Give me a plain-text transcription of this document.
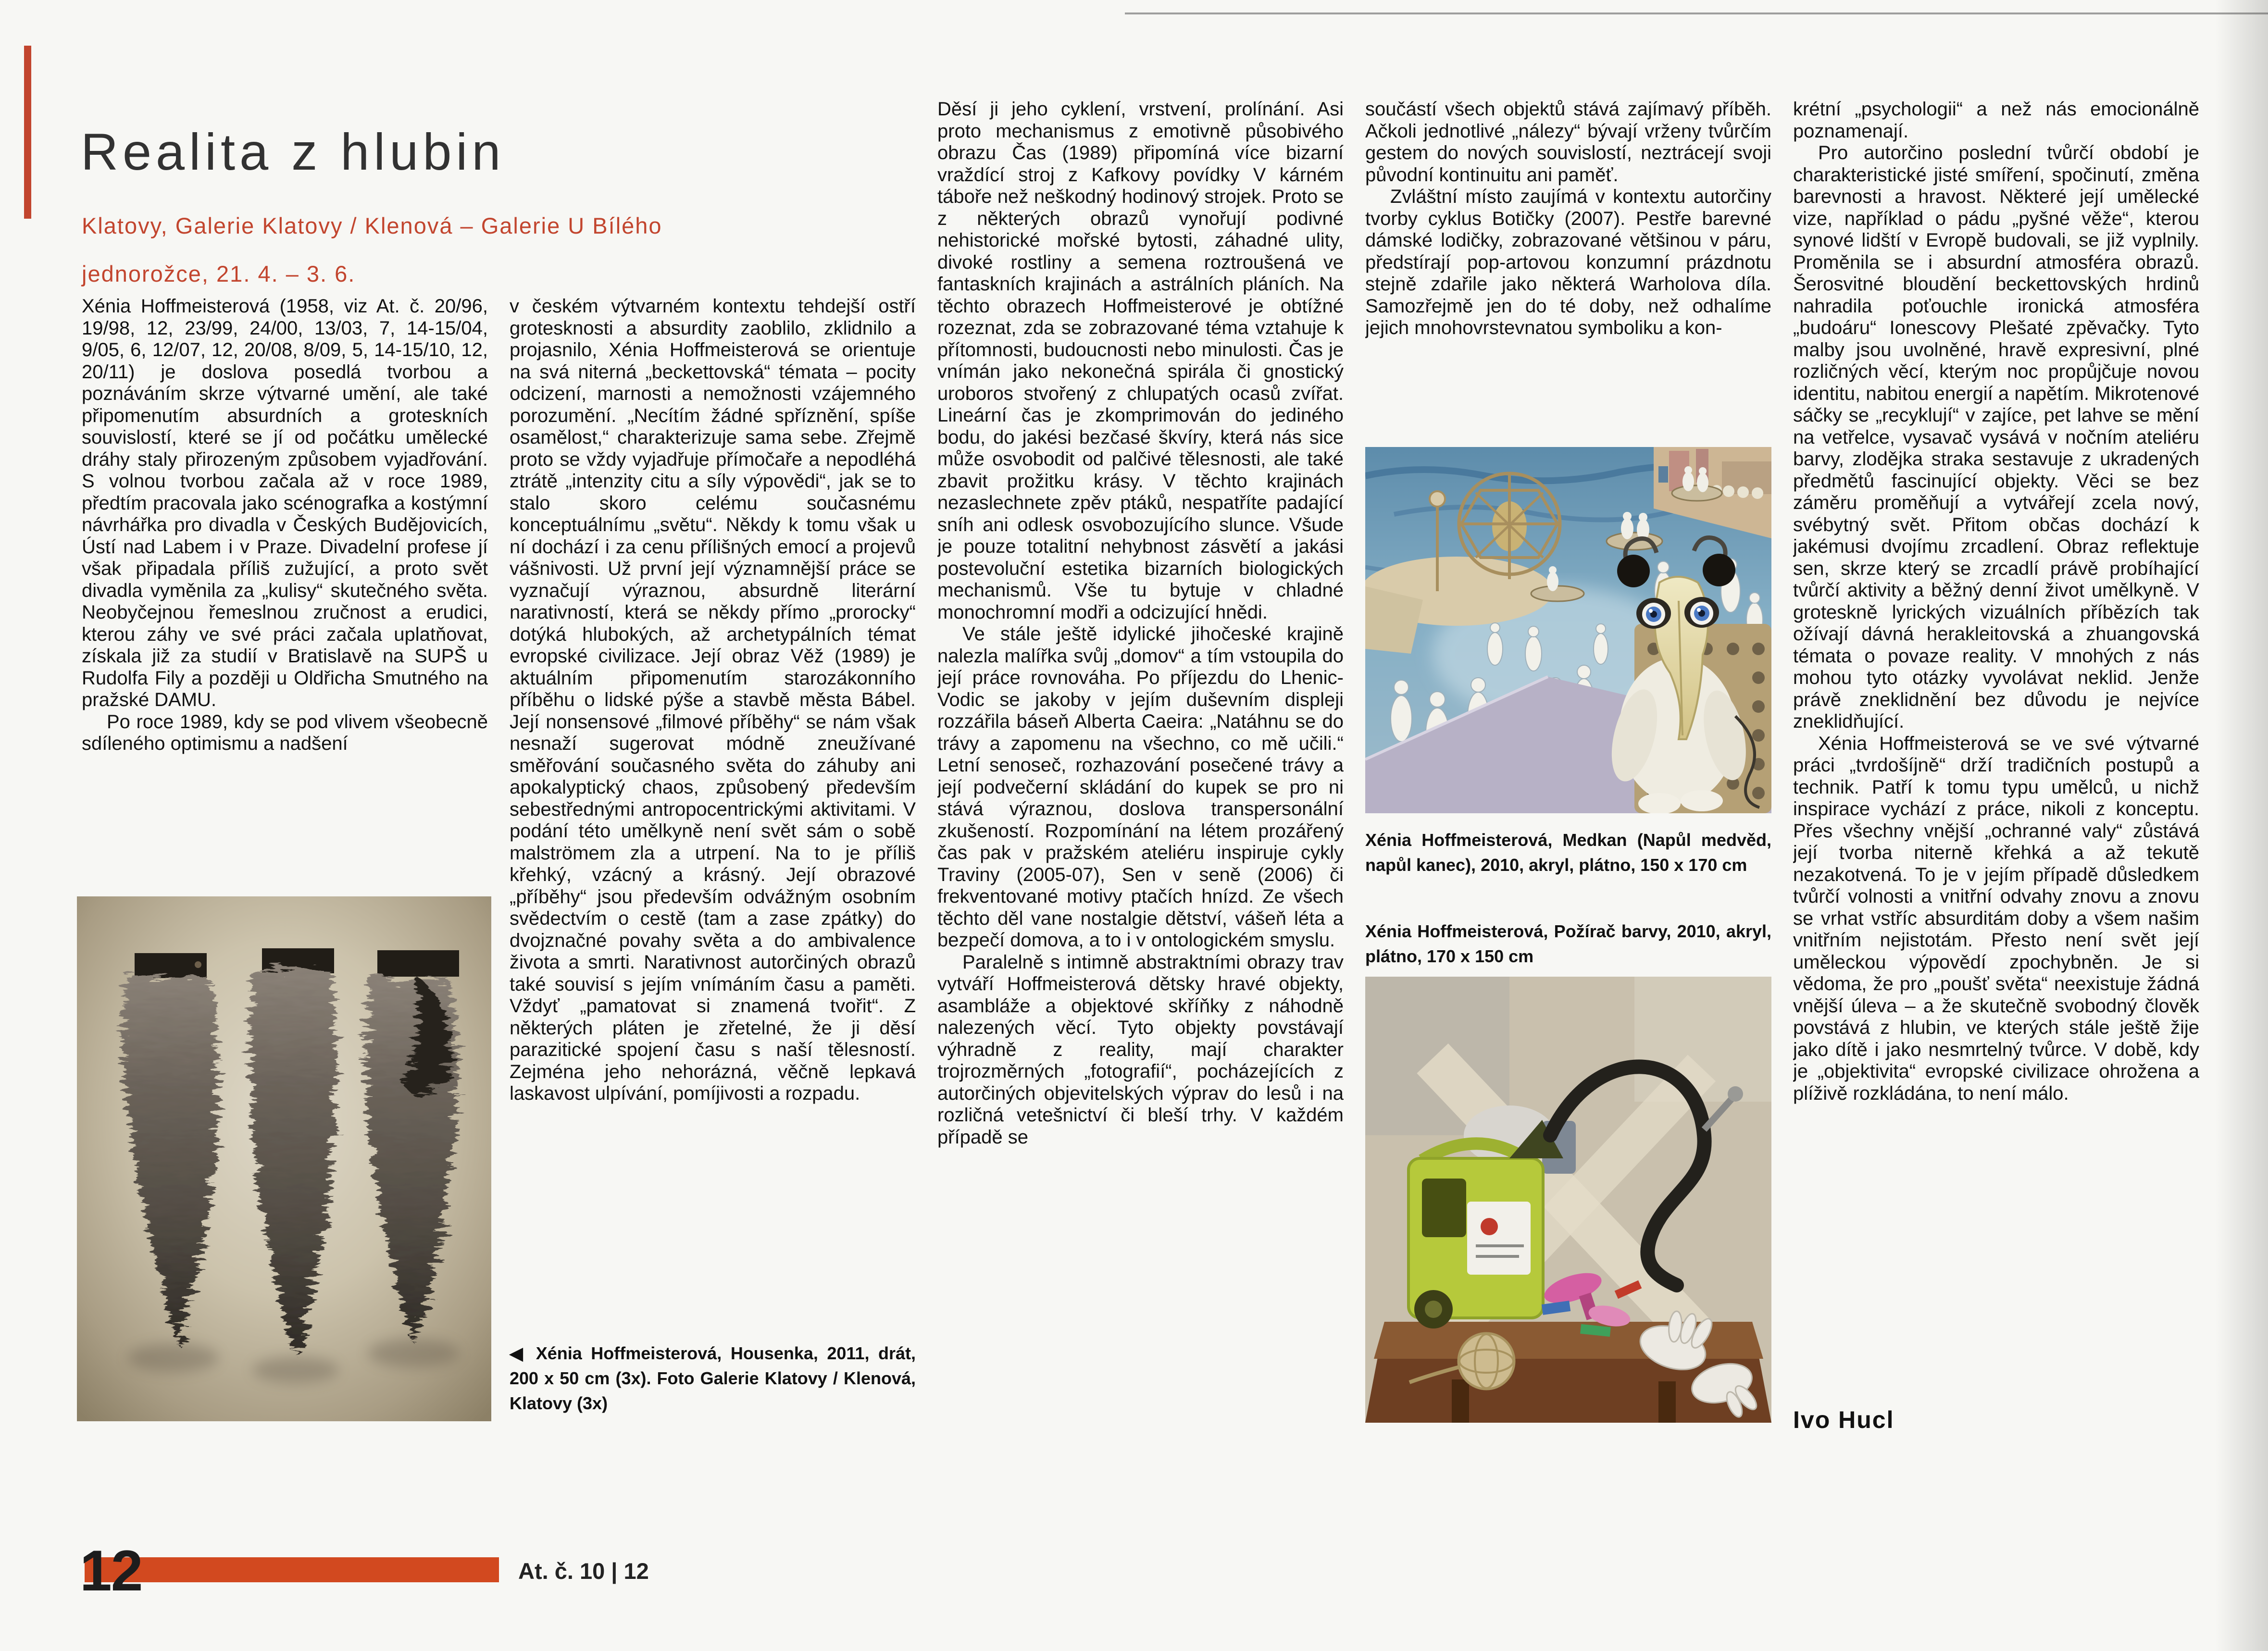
Realita z hlubin
Klatovy, Galerie Klatovy / Klenová – Galerie U Bílého
jednorožce, 21. 4. – 3. 6.

Xénia Hoffmeisterová (1958, viz At. č. 20/96, 19/98, 12, 23/99, 24/00, 13/03, 7, 14-15/04, 9/05, 6, 12/07, 12, 20/08, 8/09, 5, 14-15/10, 12, 20/11) je doslova posedlá tvorbou a poznáváním skrze výtvarné umění, ale také připomenutím absurdních a groteskních souvislostí, které se jí od počátku umělecké dráhy staly přirozeným způsobem vyjadřování. S volnou tvorbou začala až v roce 1989, předtím pracovala jako scénografka a kostýmní návrhářka pro divadla v Českých Budějovicích, Ústí nad Labem i v Praze. Divadelní profese jí však připadala příliš zužující, a proto svět divadla vyměnila za „kulisy“ skutečného světa. Neobyčejnou řemeslnou zručnost a erudici, kterou záhy ve své práci začala uplatňovat, získala již za studií v Bratislavě na SUPŠ u Rudolfa Fily a později u Oldřicha Smutného na pražské DAMU.

Po roce 1989, kdy se pod vlivem všeobecně sdíleného optimismu a nadšení

v českém výtvarném kontextu tehdejší ostří grotesknosti a absurdity zaoblilo, zklidnilo a projasnilo, Xénia Hoffmeisterová se orientuje na svá niterná „beckettovská“ témata – pocity odcizení, marnosti a nemožnosti vzájemného porozumění. „Necítím žádné spříznění, spíše osamělost,“ charakterizuje sama sebe. Zřejmě proto se vždy vyjadřuje přímočaře a nepodléhá ztrátě „intenzity citu a síly výpovědi“, jak se to stalo skoro celému současnému konceptuálnímu „světu“. Někdy k tomu však u ní dochází i za cenu přílišných emocí a projevů vášnivosti. Už první její významnější práce se vyznačují výraznou, absurdně literární narativností, která se někdy přímo „prorocky“ dotýká hlubokých, až archetypálních témat evropské civilizace. Její obraz Věž (1989) je aktuálním připomenutím starozákonního příběhu o lidské pýše a stavbě města Bábel. Její nonsensové „filmové příběhy“ se nám však nesnaží sugerovat módně zneužívané směřování současného světa do záhuby ani apokalyptický chaos, způsobený především sebestřednými antropocentrickými aktivitami. V podání této umělkyně není svět sám o sobě malströmem zla a utrpení. Na to je příliš křehký, vzácný a krásný. Její obrazové „příběhy“ jsou především odvážným osobním svědectvím o cestě (tam a zase zpátky) do dvojznačné povahy světa a do ambivalence života a smrti. Narativnost autorčiných obrazů také souvisí s jejím vnímáním času a paměti. Vždyť „pamatovat si znamená tvořit“. Z některých pláten je zřetelné, že ji děsí parazitické spojení času s naší tělesností. Zejména jeho nehorázná, věčně lepkavá laskavost ulpívání, pomíjivosti a rozpadu.

◀ Xénia Hoffmeisterová, Housenka, 2011, drát, 200 x 50 cm (3x). Foto Galerie Klatovy / Klenová, Klatovy (3x)

Děsí ji jeho cyklení, vrstvení, prolínání. Asi proto mechanismus z emotivně působivého obrazu Čas (1989) připomíná více bizarní vraždící stroj z Kafkovy povídky V kárném táboře než neškodný hodinový strojek. Proto se z některých obrazů vynořují podivné nehistorické mořské bytosti, záhadné ulity, divoké rostliny a semena roztroušená ve fantaskních krajinách a astrálních pláních. Na těchto obrazech Hoffmeisterové je obtížné rozeznat, zda se zobrazované téma vztahuje k přítomnosti, budoucnosti nebo minulosti. Čas je vnímán jako nekonečná spirála či gnostický uroboros stvořený z chlupatých ocasů zvířat. Lineární čas je zkomprimován do jediného bodu, do jakési bezčasé škvíry, která nás sice může osvobodit od palčivé tělesnosti, ale také zbavit prožitku krásy. V těchto krajinách nezaslechnete zpěv ptáků, nespatříte padající sníh ani odlesk osvobozujícího slunce. Všude je pouze totalitní nehybnost zásvětí a jakási postevoluční estetika bizarních biologických mechanismů. Vše tu bytuje v chladné monochromní modři a odcizující hnědi.

Ve stále ještě idylické jihočeské krajině nalezla malířka svůj „domov“ a tím vstoupila do její práce rovnováha. Po příjezdu do Lhenic-Vodic se jakoby v jejím duševním displeji rozzářila báseň Alberta Caeira: „Natáhnu se do trávy a zapomenu na všechno, co mě učili.“ Letní senoseč, rozhazování posečené trávy a její podvečerní skládání do kupek se pro ni stává výraznou, doslova transpersonální zkušeností. Rozpomínání na létem prozářený čas pak v pražském ateliéru inspiruje cykly Traviny (2005-07), Sen v seně (2006) či frekventované motivy ptačích hnízd. Ze všech těchto děl vane nostalgie dětství, vášeň léta a bezpečí domova, a to i v ontologickém smyslu.

Paralelně s intimně abstraktními obrazy trav vytváří Hoffmeisterová dětsky hravé objekty, asambláže a objektové skříňky z náhodně nalezených věcí. Tyto objekty povstávají výhradně z reality, mají charakter trojrozměrných „fotografií“, pocházejících z autorčiných objevitelských výprav do lesů i na rozličná vetešnictví či bleší trhy. V každém případě se

součástí všech objektů stává zajímavý příběh. Ačkoli jednotlivé „nálezy“ bývají vrženy tvůrčím gestem do nových souvislostí, neztrácejí svoji původní kontinuitu ani paměť.

Zvláštní místo zaujímá v kontextu autorčiny tvorby cyklus Botičky (2007). Pestře barevné dámské lodičky, zobrazované většinou v páru, předstírají pop-artovou konzumní prázdnotu stejně zdařile jako některá Warholova díla. Samozřejmě jen do té doby, než odhalíme jejich mnohovrstevnatou symboliku a kon-

Xénia Hoffmeisterová, Medkan (Napůl medvěd, napůl kanec), 2010, akryl, plátno, 150 x 170 cm
Xénia Hoffmeisterová, Požírač barvy, 2010, akryl, plátno, 170 x 150 cm

krétní „psychologii“ a než nás emocionálně poznamenají.

Pro autorčino poslední tvůrčí období je charakteristické jisté smíření, spočinutí, změna barevnosti a hravost. Některé její umělecké vize, například o pádu „pyšné věže“, kterou synové lidští v Evropě budovali, se již vyplnily. Proměnila se i absurdní atmosféra obrazů. Šerosvitné bloudění beckettovských hrdinů nahradila poťouchle ironická atmosféra „budoáru“ Ionescovy Plešaté zpěvačky. Tyto malby jsou uvolněné, hravě expresivní, plné rozličných věcí, kterým noc propůjčuje novou identitu, nabitou energií a napětím. Mikrotenové sáčky se „recyklují“ v zajíce, pet lahve se mění na vetřelce, vysavač vysává v nočním ateliéru barvy, zlodějka straka sestavuje z ukradených předmětů fascinující objekty. Věci se bez záměru proměňují a vytvářejí zcela nový, svébytný svět. Přitom občas dochází k jakémusi dvojímu zrcadlení. Obraz reflektuje sen, skrze který se zrcadlí právě probíhající tvůrčí aktivity a běžný denní život umělkyně. V groteskně lyrických vizuálních příbězích tak ožívají dávná herakleitovská a zhuangovská témata o povaze reality. V mnohých z nás mohou tyto otázky vyvolávat neklid. Jenže právě zneklidnění bez důvodu je nejvíce zneklidňující.

Xénia Hoffmeisterová se ve své výtvarné práci „tvrdošíjně“ drží tradičních postupů a technik. Patří k tomu typu umělců, u nichž inspirace vychází z práce, nikoli z konceptu. Přes všechny vnější „ochranné valy“ zůstává její tvorba niterně křehká a až tekutě nezakotvená. To je v jejím případě důsledkem tvůrčí volnosti a vnitřní odvahy znovu a znovu se vrhat vstříc absurditám doby a všem našim vnitřním nejistotám. Přesto není svět její uměleckou výpovědí zpochybněn. Je si vědoma, že pro „poušť světa“ neexistuje žádná vnější úleva – a že skutečně svobodný člověk povstává z hlubin, ve kterých stále ještě žije jako dítě i jako nesmrtelný tvůrce. V době, kdy je „objektivita“ evropské civilizace ohrožena a plíživě rozkládána, to není málo.

Ivo Hucl
12	At. č. 10 | 12
